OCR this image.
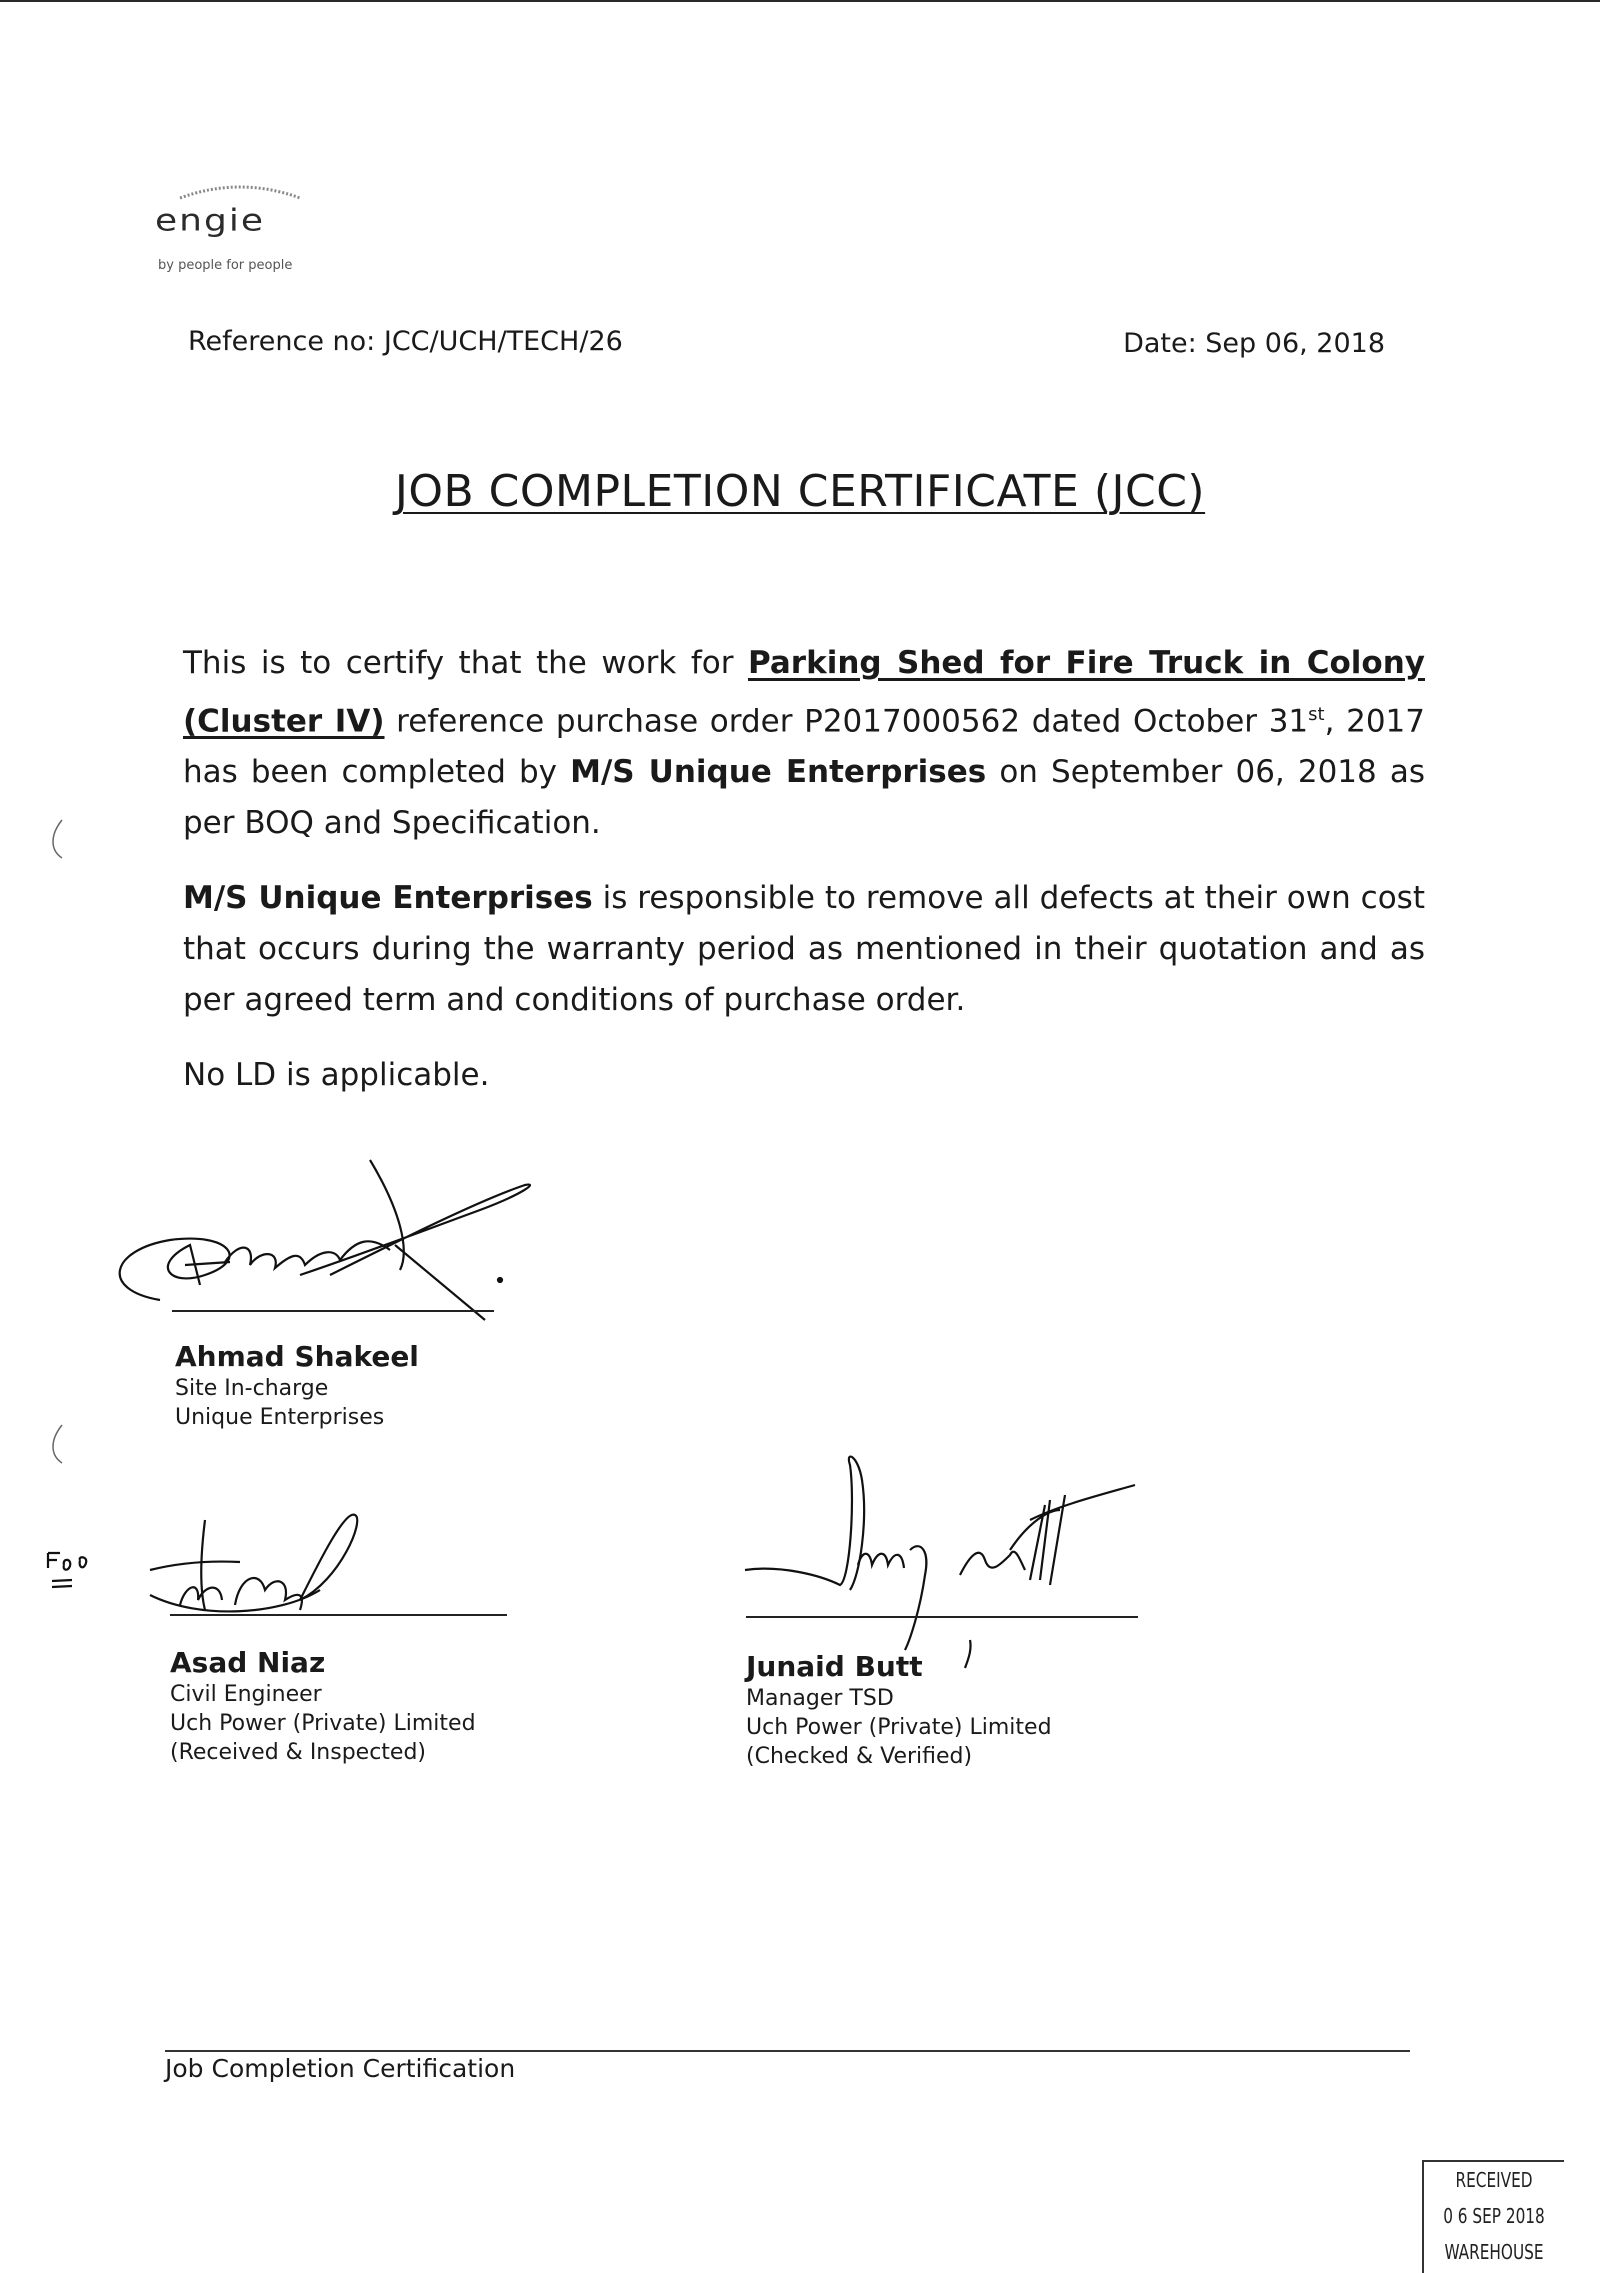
engie
by people for people
Reference no: JCC/UCH/TECH/26	Date: Sep 06, 2018
JOB COMPLETION CERTIFICATE (JCC)
This is to certify that the work for Parking Shed for Fire Truck in Colony (Cluster IV) reference purchase order P2017000562 dated October 31st, 2017 has been completed by M/S Unique Enterprises on September 06, 2018 as per BOQ and Specification.
M/S Unique Enterprises is responsible to remove all defects at their own cost that occurs during the warranty period as mentioned in their quotation and as per agreed term and conditions of purchase order.
No LD is applicable.
Ahmad Shakeel
Site In-charge
Unique Enterprises
Asad Niaz
Civil Engineer
Uch Power (Private) Limited
(Received & Inspected)
Junaid Butt
Manager TSD
Uch Power (Private) Limited
(Checked & Verified)
Job Completion Certification
RECEIVED
0 6 SEP 2018
WAREHOUSE
